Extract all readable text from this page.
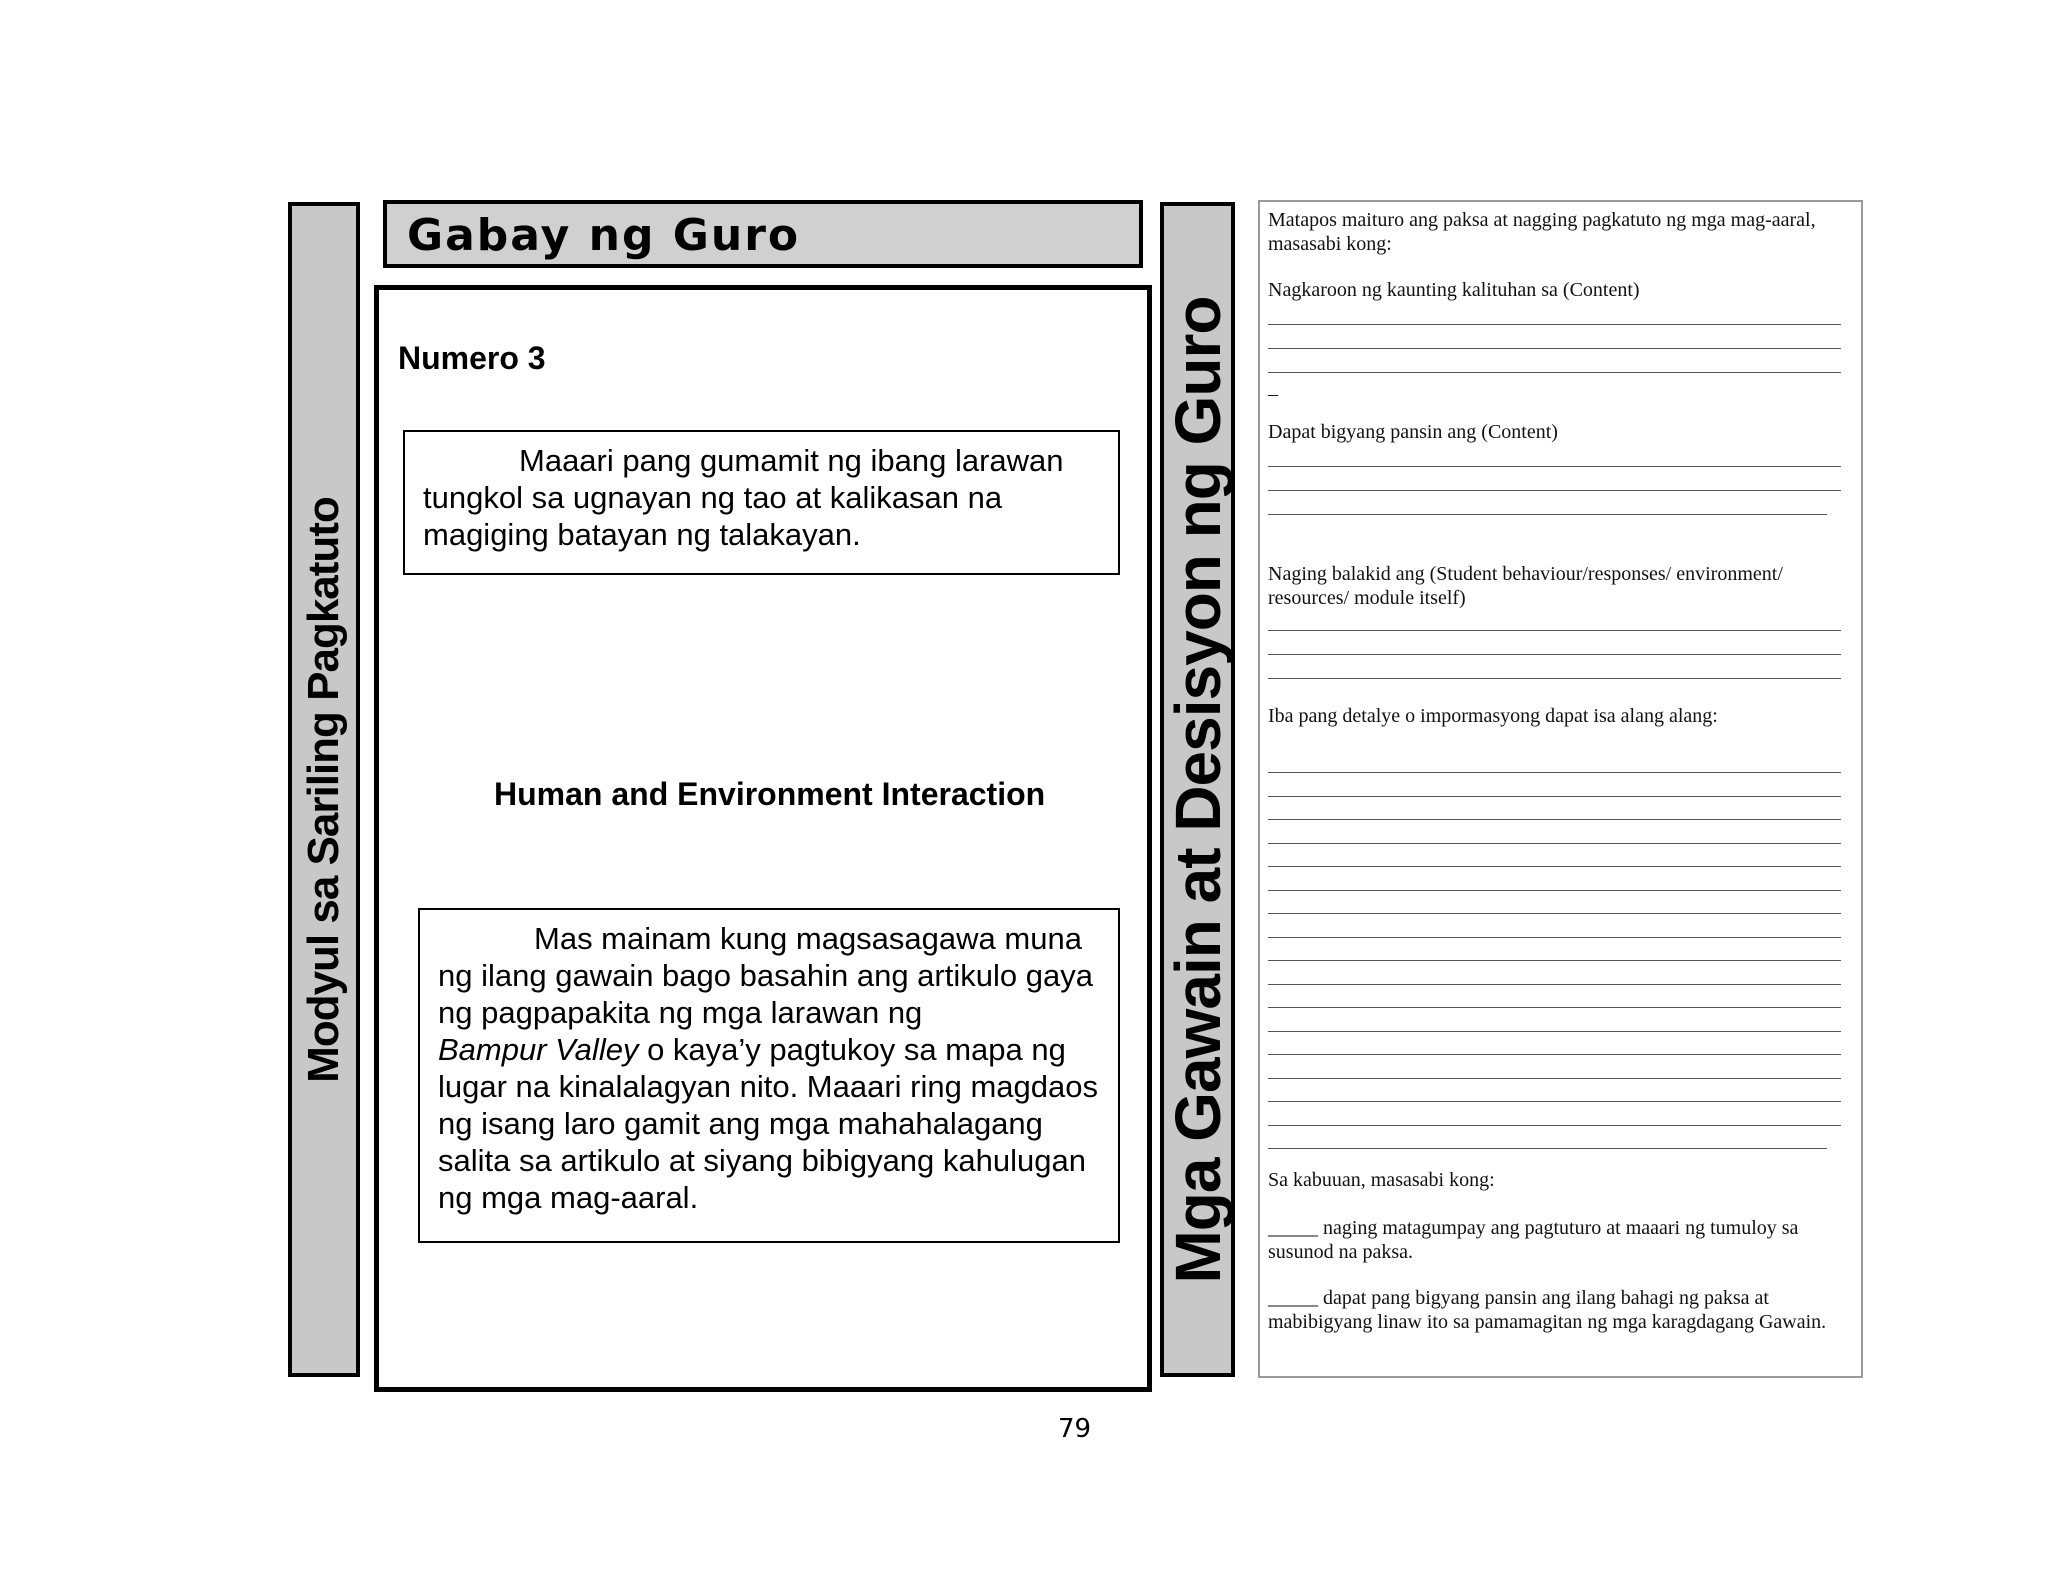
Modyul sa Sariling Pagkatuto
Gabay ng Guro
Numero 3
Maaari pang gumamit ng ibang larawan tungkol sa ugnayan ng tao at kalikasan na magiging batayan ng talakayan.
Human and Environment Interaction
Mas mainam kung magsasagawa muna ng ilang gawain bago basahin ang artikulo gaya ng pagpapakita ng mga larawan ng
Bampur Valley o kaya’y pagtukoy sa mapa ng lugar na kinalalagyan nito. Maaari ring magdaos ng isang laro gamit ang mga mahahalagang salita sa artikulo at siyang bibigyang kahulugan ng mga mag-aaral.	Mga Gawain at Desisyon ng Guro
Matapos maituro ang paksa at nagging pagkatuto ng mga mag-aaral, masasabi kong:
Nagkaroon ng kaunting kalituhan sa (Content)
–
Dapat bigyang pansin ang (Content)
Naging balakid ang (Student behaviour/responses/ environment/ resources/ module itself)
Iba pang detalye o impormasyong dapat isa alang alang:
Sa kabuuan, masasabi kong:
_____ naging matagumpay ang pagtuturo at maaari ng tumuloy sa susunod na paksa.
_____ dapat pang bigyang pansin ang ilang bahagi ng paksa at mabibigyang linaw ito sa pamamagitan ng mga karagdagang Gawain.
79
